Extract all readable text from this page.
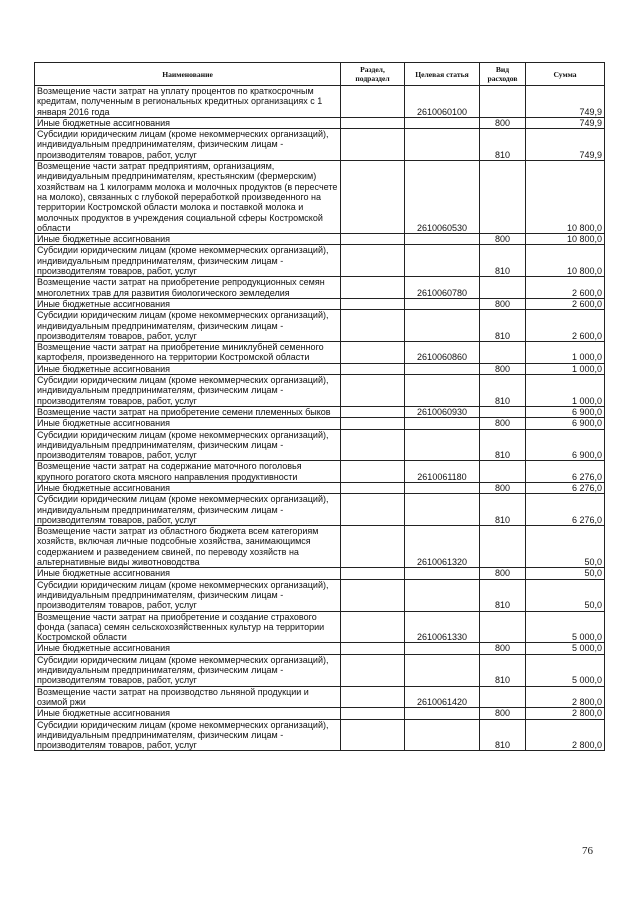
Наименование	Раздел, подраздел	Целевая статья	Вид расходов	Сумма
Возмещение части затрат на уплату процентов по краткосрочным кредитам, полученным в региональных кредитных организациях с 1 января 2016 года		2610060100		749,9
Иные бюджетные ассигнования			800	749,9
Субсидии юридическим лицам (кроме некоммерческих организаций), индивидуальным предпринимателям, физическим лицам - производителям товаров, работ, услуг			810	749,9
Возмещение части затрат предприятиям, организациям, индивидуальным предпринимателям, крестьянским (фермерским) хозяйствам на 1 килограмм молока и молочных продуктов (в пересчете на молоко), связанных с глубокой переработкой произведенного на территории Костромской области молока и поставкой молока и молочных продуктов в учреждения социальной сферы Костромской области		2610060530		10 800,0
Иные бюджетные ассигнования			800	10 800,0
Субсидии юридическим лицам (кроме некоммерческих организаций), индивидуальным предпринимателям, физическим лицам - производителям товаров, работ, услуг			810	10 800,0
Возмещение части затрат на приобретение репродукционных семян многолетних трав для развития биологического земледелия		2610060780		2 600,0
Иные бюджетные ассигнования			800	2 600,0
Субсидии юридическим лицам (кроме некоммерческих организаций), индивидуальным предпринимателям, физическим лицам - производителям товаров, работ, услуг			810	2 600,0
Возмещение части затрат на приобретение миниклубней семенного картофеля, произведенного на территории Костромской области		2610060860		1 000,0
Иные бюджетные ассигнования			800	1 000,0
Субсидии юридическим лицам (кроме некоммерческих организаций), индивидуальным предпринимателям, физическим лицам - производителям товаров, работ, услуг			810	1 000,0
Возмещение части затрат на приобретение семени племенных быков		2610060930		6 900,0
Иные бюджетные ассигнования			800	6 900,0
Субсидии юридическим лицам (кроме некоммерческих организаций), индивидуальным предпринимателям, физическим лицам - производителям товаров, работ, услуг			810	6 900,0
Возмещение части затрат на содержание маточного поголовья крупного рогатого скота мясного направления продуктивности		2610061180		6 276,0
Иные бюджетные ассигнования			800	6 276,0
Субсидии юридическим лицам (кроме некоммерческих организаций), индивидуальным предпринимателям, физическим лицам - производителям товаров, работ, услуг			810	6 276,0
Возмещение части затрат из областного бюджета всем категориям хозяйств, включая личные подсобные хозяйства, занимающимся содержанием и разведением свиней, по переводу хозяйств на альтернативные виды животноводства		2610061320		50,0
Иные бюджетные ассигнования			800	50,0
Субсидии юридическим лицам (кроме некоммерческих организаций), индивидуальным предпринимателям, физическим лицам - производителям товаров, работ, услуг			810	50,0
Возмещение части затрат на приобретение и создание страхового фонда (запаса) семян сельскохозяйственных культур на территории Костромской области		2610061330		5 000,0
Иные бюджетные ассигнования			800	5 000,0
Субсидии юридическим лицам (кроме некоммерческих организаций), индивидуальным предпринимателям, физическим лицам - производителям товаров, работ, услуг			810	5 000,0
Возмещение части затрат на производство льняной продукции и озимой ржи		2610061420		2 800,0
Иные бюджетные ассигнования			800	2 800,0
Субсидии юридическим лицам (кроме некоммерческих организаций), индивидуальным предпринимателям, физическим лицам - производителям товаров, работ, услуг			810	2 800,0
76
